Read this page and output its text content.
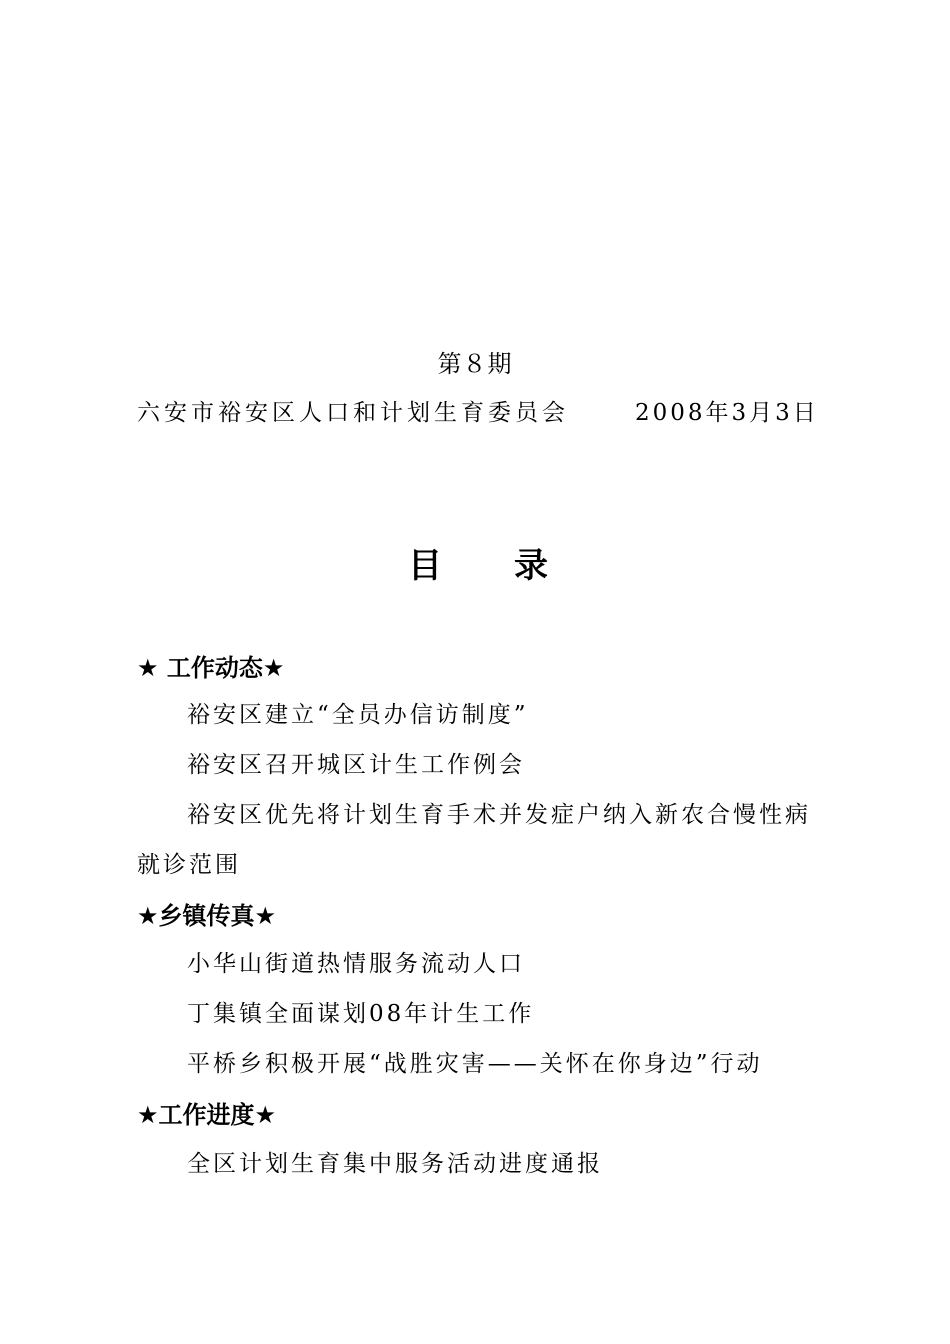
第８期
六安市裕安区人口和计划生育委员会	2008年3月3日
目 录
★ 工作动态★
裕安区建立“全员办信访制度”
裕安区召开城区计生工作例会
裕安区优先将计划生育手术并发症户纳入新农合慢性病
就诊范围
★乡镇传真★
小华山街道热情服务流动人口
丁集镇全面谋划08年计生工作
平桥乡积极开展“战胜灾害——关怀在你身边”行动
★工作进度★
全区计划生育集中服务活动进度通报
